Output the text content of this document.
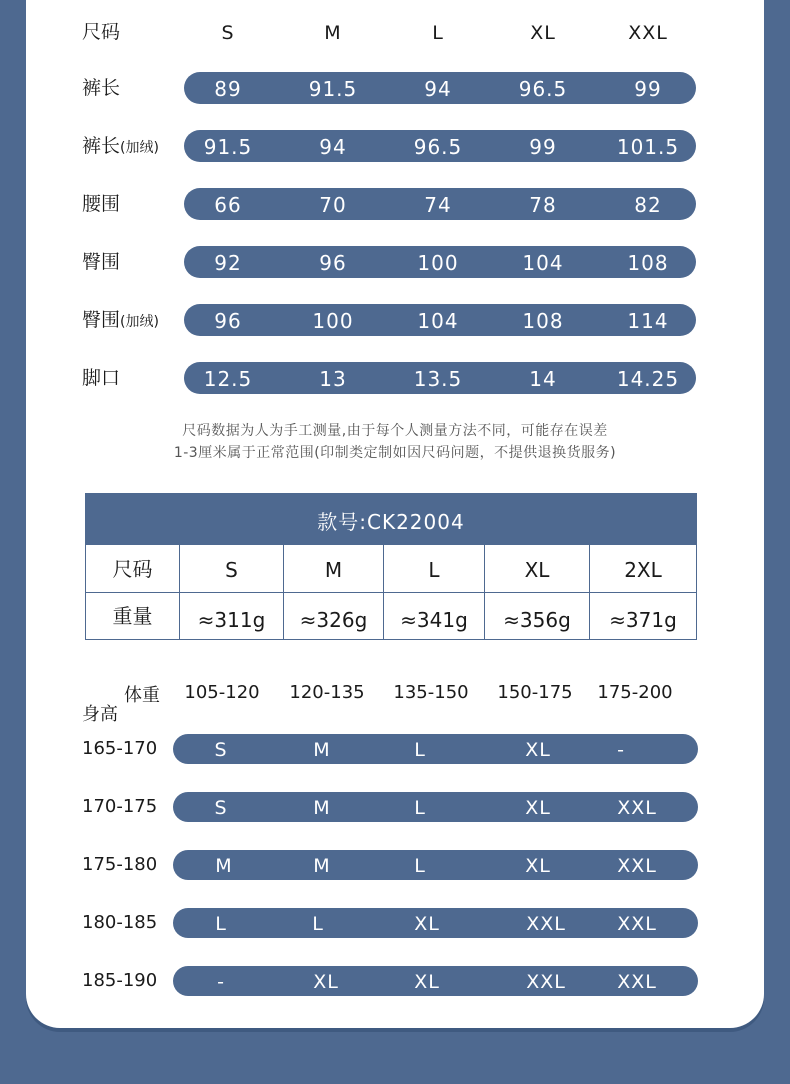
尺码	S	M	L	XL	XXL
裤长	89	91.5	94	96.5	99
裤长(加绒)	91.5	94	96.5	99	101.5
腰围	66	70	74	78	82
臀围	92	96	100	104	108
臀围(加绒)	96	100	104	108	114
脚口	12.5	13	13.5	14	14.25
尺码数据为人为手工测量,由于每个人测量方法不同，可能存在误差
1-3厘米属于正常范围(印制类定制如因尺码问题，不提供退换货服务)
款号:CK22004
尺码	S	M	L	XL	2XL
重量	≈311g	≈326g	≈341g	≈356g	≈371g
体重
身高
105-120	120-135	135-150	150-175	175-200
165-170	S	M	L	XL	-
170-175	S	M	L	XL	XXL
175-180	M	M	L	XL	XXL
180-185	L	L	XL	XXL	XXL
185-190	-	XL	XL	XXL	XXL
